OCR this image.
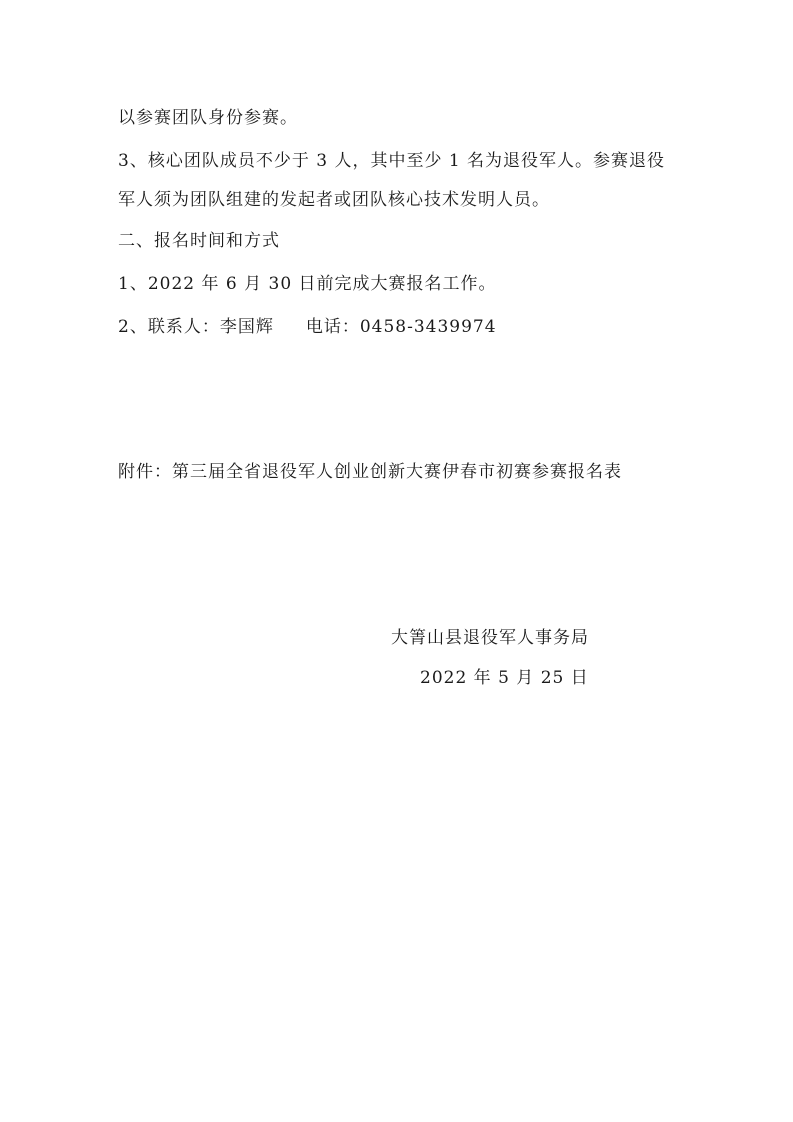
以参赛团队身份参赛。
3、核心团队成员不少于 3 人，其中至少 1 名为退役军人。参赛退役
军人须为团队组建的发起者或团队核心技术发明人员。
二、报名时间和方式
1、2022 年 6 月 30 日前完成大赛报名工作。
2、联系人：李国辉 电话：0458-3439974
附件：第三届全省退役军人创业创新大赛伊春市初赛参赛报名表
大箐山县退役军人事务局
2022 年 5 月 25 日
